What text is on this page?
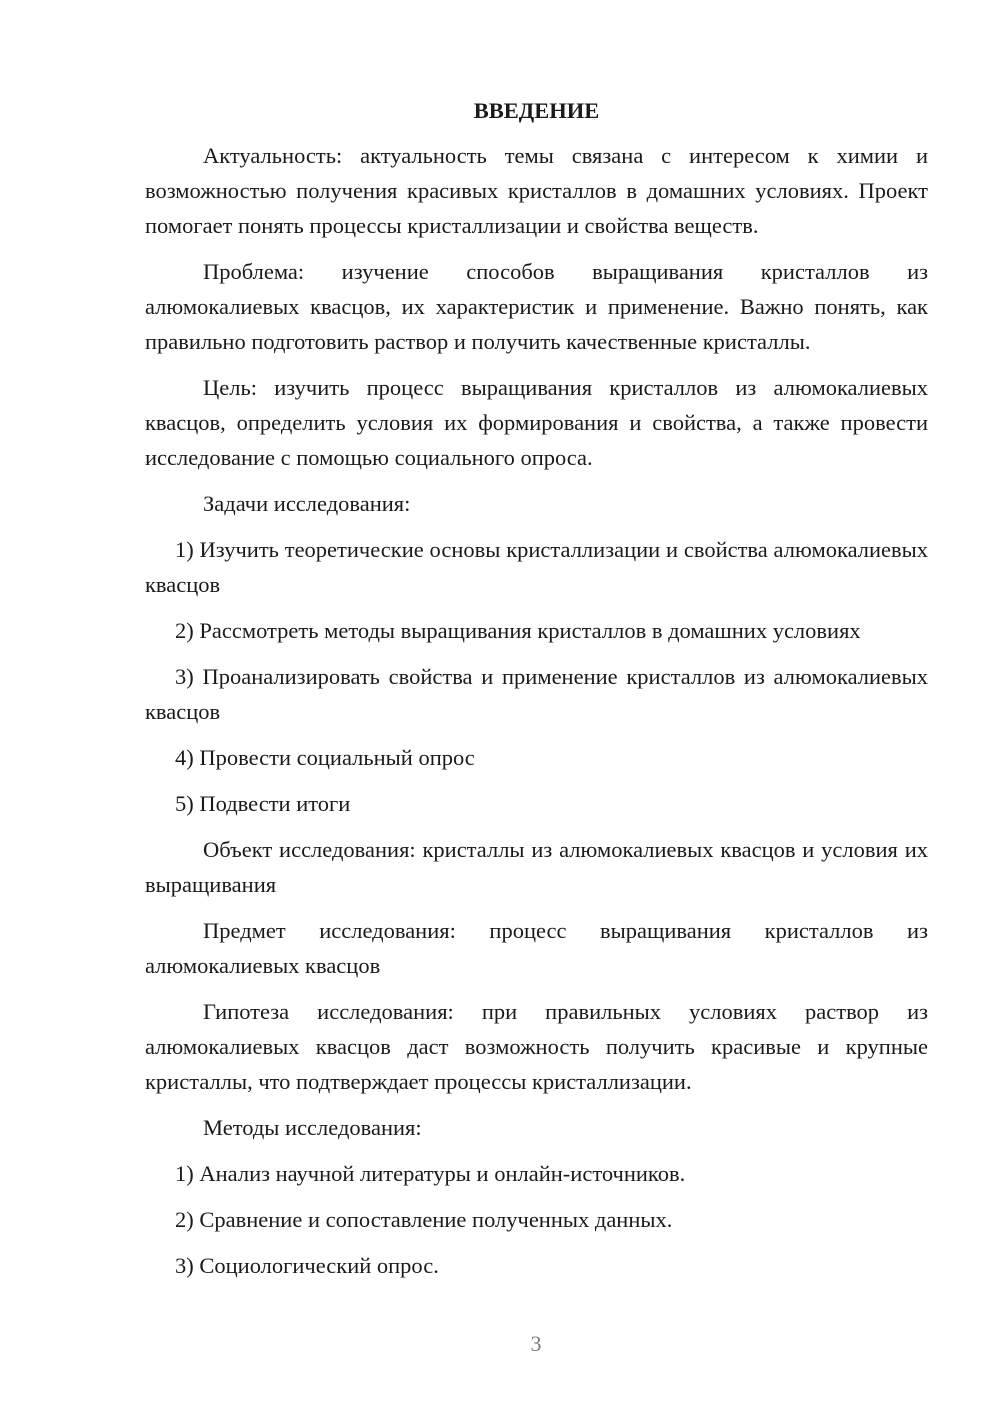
ВВЕДЕНИЕ

Актуальность: актуальность темы связана с интересом к химии и возможностью получения красивых кристаллов в домашних условиях. Проект помогает понять процессы кристаллизации и свойства веществ.

Проблема: изучение способов выращивания кристаллов из алюмокалиевых квасцов, их характеристик и применение. Важно понять, как правильно подготовить раствор и получить качественные кристаллы.

Цель: изучить процесс выращивания кристаллов из алюмокалиевых квасцов, определить условия их формирования и свойства, а также провести исследование с помощью социального опроса.

Задачи исследования:

1) Изучить теоретические основы кристаллизации и свойства алюмокалиевых квасцов

2) Рассмотреть методы выращивания кристаллов в домашних условиях

3) Проанализировать свойства и применение кристаллов из алюмокалиевых квасцов

4) Провести социальный опрос

5) Подвести итоги

Объект исследования: кристаллы из алюмокалиевых квасцов и условия их выращивания

Предмет исследования: процесс выращивания кристаллов из алюмокалиевых квасцов

Гипотеза исследования: при правильных условиях раствор из алюмокалиевых квасцов даст возможность получить красивые и крупные кристаллы, что подтверждает процессы кристаллизации.

Методы исследования:

1) Анализ научной литературы и онлайн-источников.

2) Сравнение и сопоставление полученных данных.

3) Социологический опрос.

3
